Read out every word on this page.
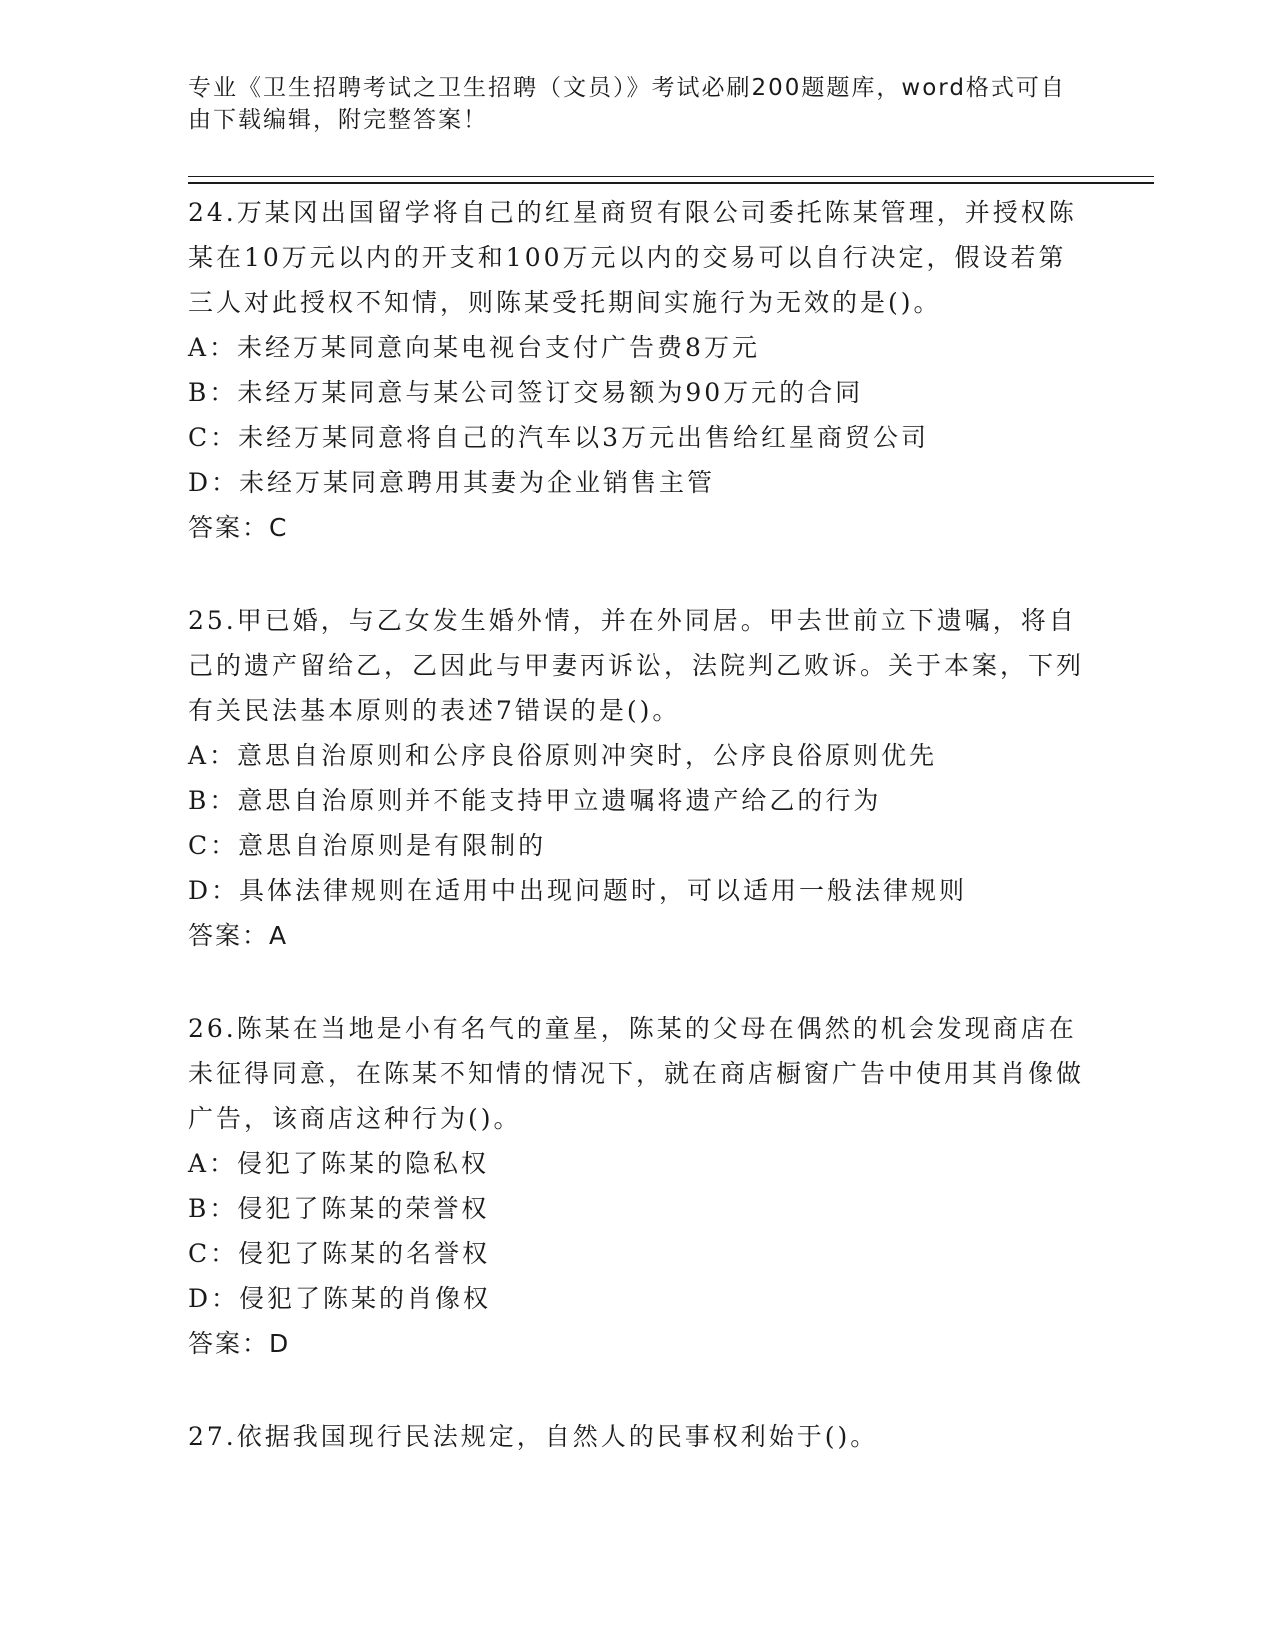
专业《卫生招聘考试之卫生招聘（文员）》考试必刷200题题库，word格式可自由下载编辑，附完整答案！

24.万某冈出国留学将自己的红星商贸有限公司委托陈某管理，并授权陈某在10万元以内的开支和100万元以内的交易可以自行决定，假设若第三人对此授权不知情，则陈某受托期间实施行为无效的是()。

A：未经万某同意向某电视台支付广告费8万元
B：未经万某同意与某公司签订交易额为90万元的合同
C：未经万某同意将自己的汽车以3万元出售给红星商贸公司
D：未经万某同意聘用其妻为企业销售主管

答案：C

25.甲已婚，与乙女发生婚外情，并在外同居。甲去世前立下遗嘱，将自己的遗产留给乙，乙因此与甲妻丙诉讼，法院判乙败诉。关于本案，下列有关民法基本原则的表述7错误的是()。

A：意思自治原则和公序良俗原则冲突时，公序良俗原则优先
B：意思自治原则并不能支持甲立遗嘱将遗产给乙的行为
C：意思自治原则是有限制的
D：具体法律规则在适用中出现问题时，可以适用一般法律规则

答案：A

26.陈某在当地是小有名气的童星，陈某的父母在偶然的机会发现商店在未征得同意，在陈某不知情的情况下，就在商店橱窗广告中使用其肖像做广告，该商店这种行为()。

A：侵犯了陈某的隐私权
B：侵犯了陈某的荣誉权
C：侵犯了陈某的名誉权
D：侵犯了陈某的肖像权

答案：D

27.依据我国现行民法规定，自然人的民事权利始于()。
